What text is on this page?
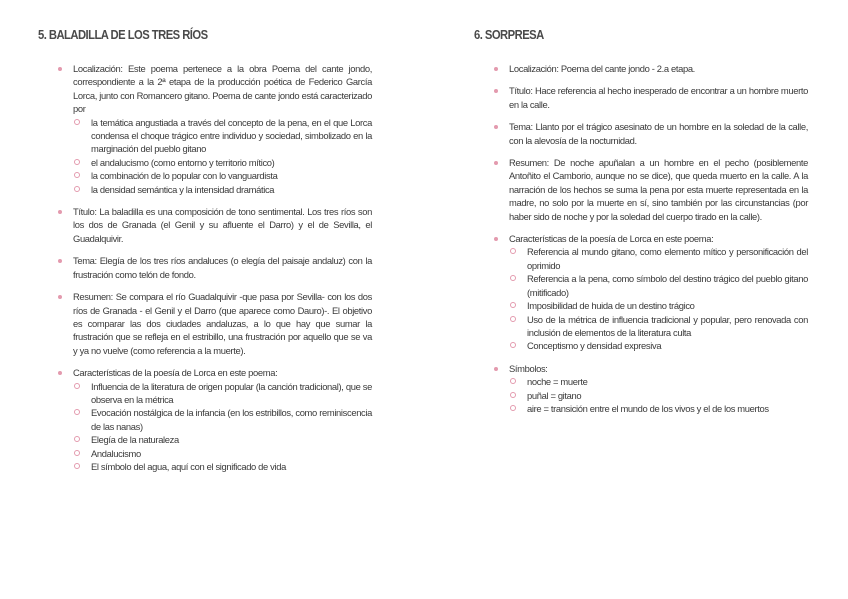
5. BALADILLA DE LOS TRES RÍOS
Localización: Este poema pertenece a la obra Poema del cante jondo, correspondiente a la 2ª etapa de la producción poética de Federico García Lorca, junto con Romancero gitano. Poema de cante jondo está caracterizado por
la temática angustiada a través del concepto de la pena, en el que Lorca condensa el choque trágico entre individuo y sociedad, simbolizado en la marginación del pueblo gitano
el andalucismo (como entorno y territorio mítico)
la combinación de lo popular con lo vanguardista
la densidad semántica y la intensidad dramática
Título: La baladilla es una composición de tono sentimental. Los tres ríos son los dos de Granada (el Genil y su afluente el Darro) y el de Sevilla, el Guadalquivir.
Tema: Elegía de los tres ríos andaluces (o elegía del paisaje andaluz) con la frustración como telón de fondo.
Resumen: Se compara el río Guadalquivir -que pasa por Sevilla- con los dos ríos de Granada - el Genil y el Darro (que aparece como Dauro)-. El objetivo es comparar las dos ciudades andaluzas, a lo que hay que sumar la frustración que se refleja en el estribillo, una frustración por aquello que se va y ya no vuelve (como referencia a la muerte).
Características de la poesía de Lorca en este poema:
Influencia de la literatura de origen popular (la canción tradicional), que se observa en la métrica
Evocación nostálgica de la infancia (en los estribillos, como reminiscencia de las nanas)
Elegía de la naturaleza
Andalucismo
El símbolo del agua, aquí con el significado de vida
6. SORPRESA
Localización: Poema del cante jondo - 2.a etapa.
Título: Hace referencia al hecho inesperado de encontrar a un hombre muerto en la calle.
Tema: Llanto por el trágico asesinato de un hombre en la soledad de la calle, con la alevosía de la nocturnidad.
Resumen: De noche apuñalan a un hombre en el pecho (posiblemente Antoñito el Camborio, aunque no se dice), que queda muerto en la calle. A la narración de los hechos se suma la pena por esta muerte representada en la madre, no solo por la muerte en sí, sino también por las circunstancias (por haber sido de noche y por la soledad del cuerpo tirado en la calle).
Características de la poesía de Lorca en este poema:
Referencia al mundo gitano, como elemento mítico y personificación del oprimido
Referencia a la pena, como símbolo del destino trágico del pueblo gitano (mitificado)
Imposibilidad de huida de un destino trágico
Uso de la métrica de influencia tradicional y popular, pero renovada con inclusión de elementos de la literatura culta
Conceptismo y densidad expresiva
Símbolos:
noche = muerte
puñal = gitano
aire = transición entre el mundo de los vivos y el de los muertos
